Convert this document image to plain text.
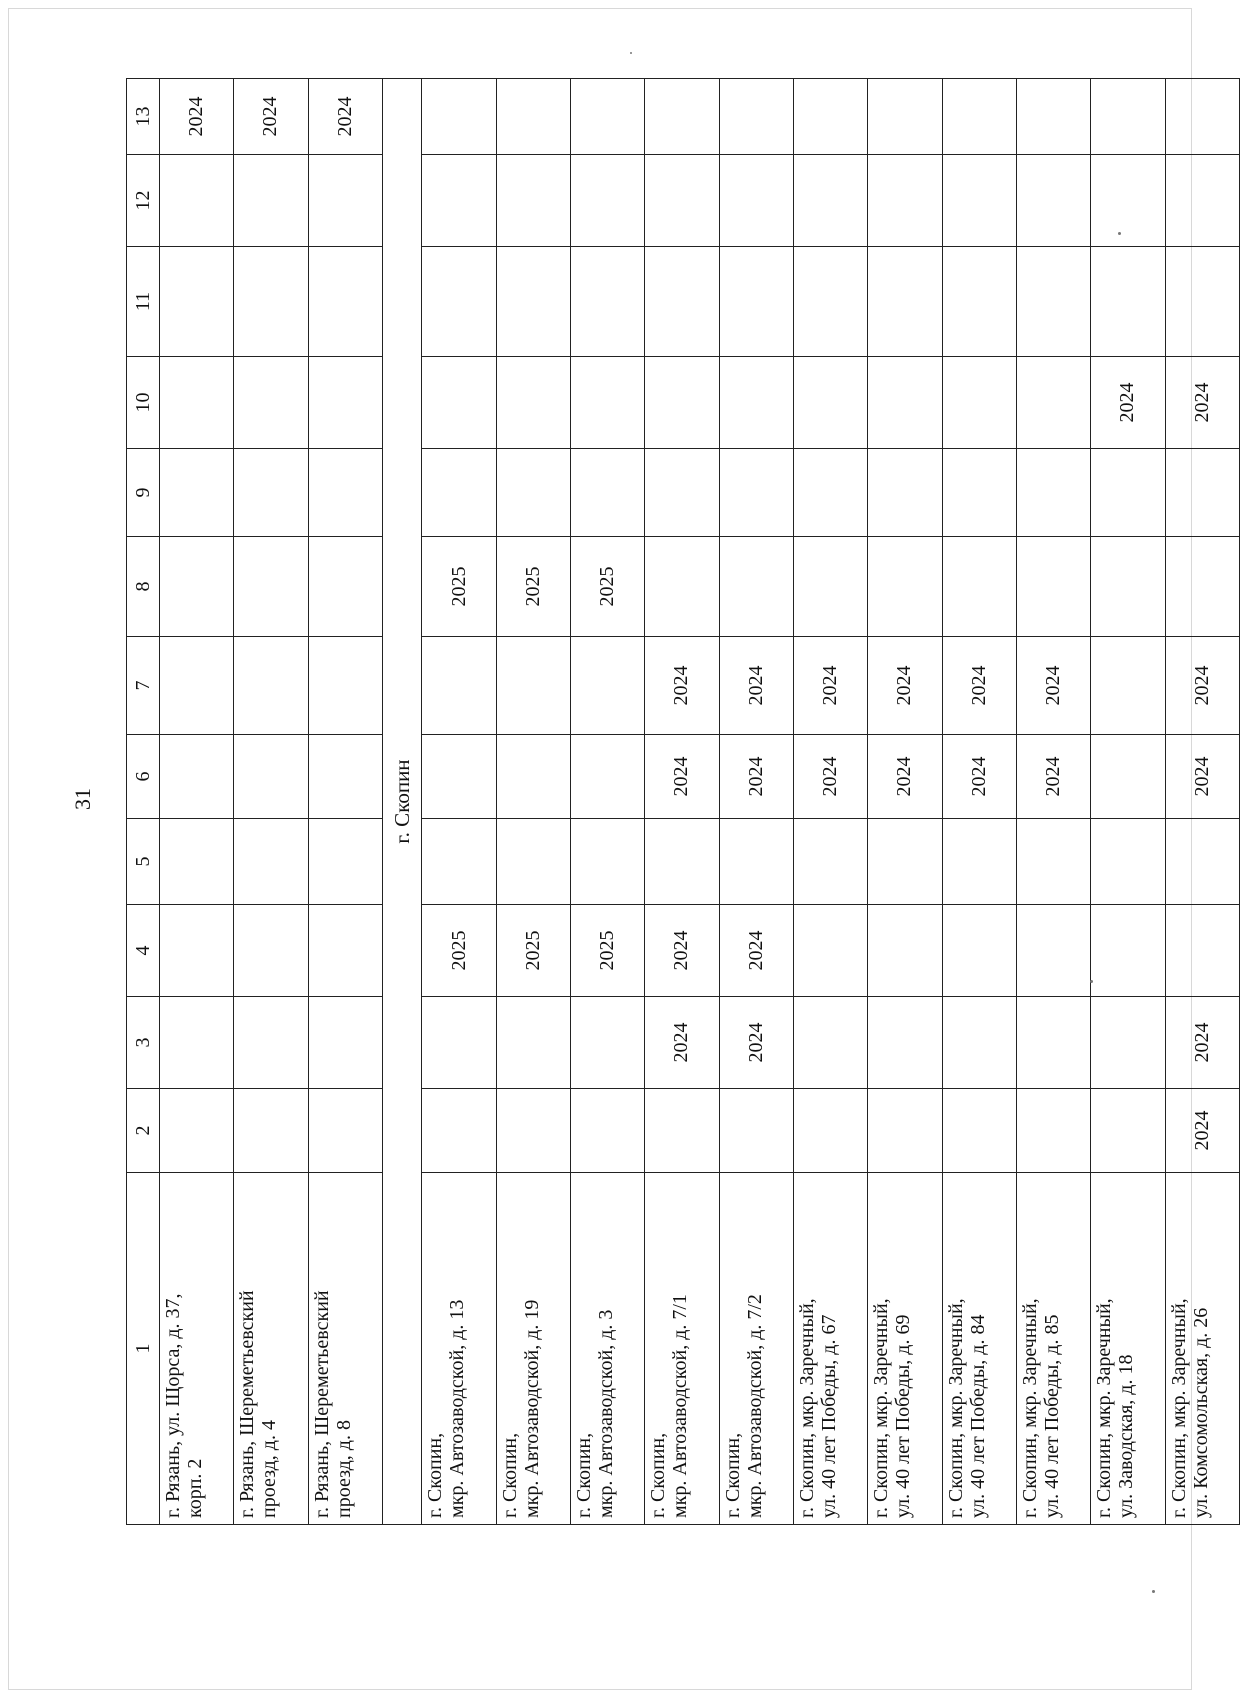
31
1	2	3	4	5	6	7	8	9	10	11	12	13
г. Рязань, ул. Щорса, д. 37,
корп. 2												2024
г. Рязань, Шереметьевский
проезд, д. 4												2024
г. Рязань, Шереметьевский
проезд, д. 8												2024
г. Скопин												
г. Скопин,
мкр. Автозаводской, д. 13			2025				2025					
г. Скопин,
мкр. Автозаводской, д. 19			2025				2025					
г. Скопин,
мкр. Автозаводской, д. 3			2025				2025					
г. Скопин,
мкр. Автозаводской, д. 7/1		2024	2024		2024	2024						
г. Скопин,
мкр. Автозаводской, д. 7/2		2024	2024		2024	2024						
г. Скопин, мкр. Заречный,
ул. 40 лет Победы, д. 67					2024	2024						
г. Скопин, мкр. Заречный,
ул. 40 лет Победы, д. 69					2024	2024						
г. Скопин, мкр. Заречный,
ул. 40 лет Победы, д. 84					2024	2024						
г. Скопин, мкр. Заречный,
ул. 40 лет Победы, д. 85					2024	2024						
г. Скопин, мкр. Заречный,
ул. Заводская, д. 18									2024			
г. Скопин, мкр. Заречный,
ул. Комсомольская, д. 26	2024	2024			2024	2024			2024			
